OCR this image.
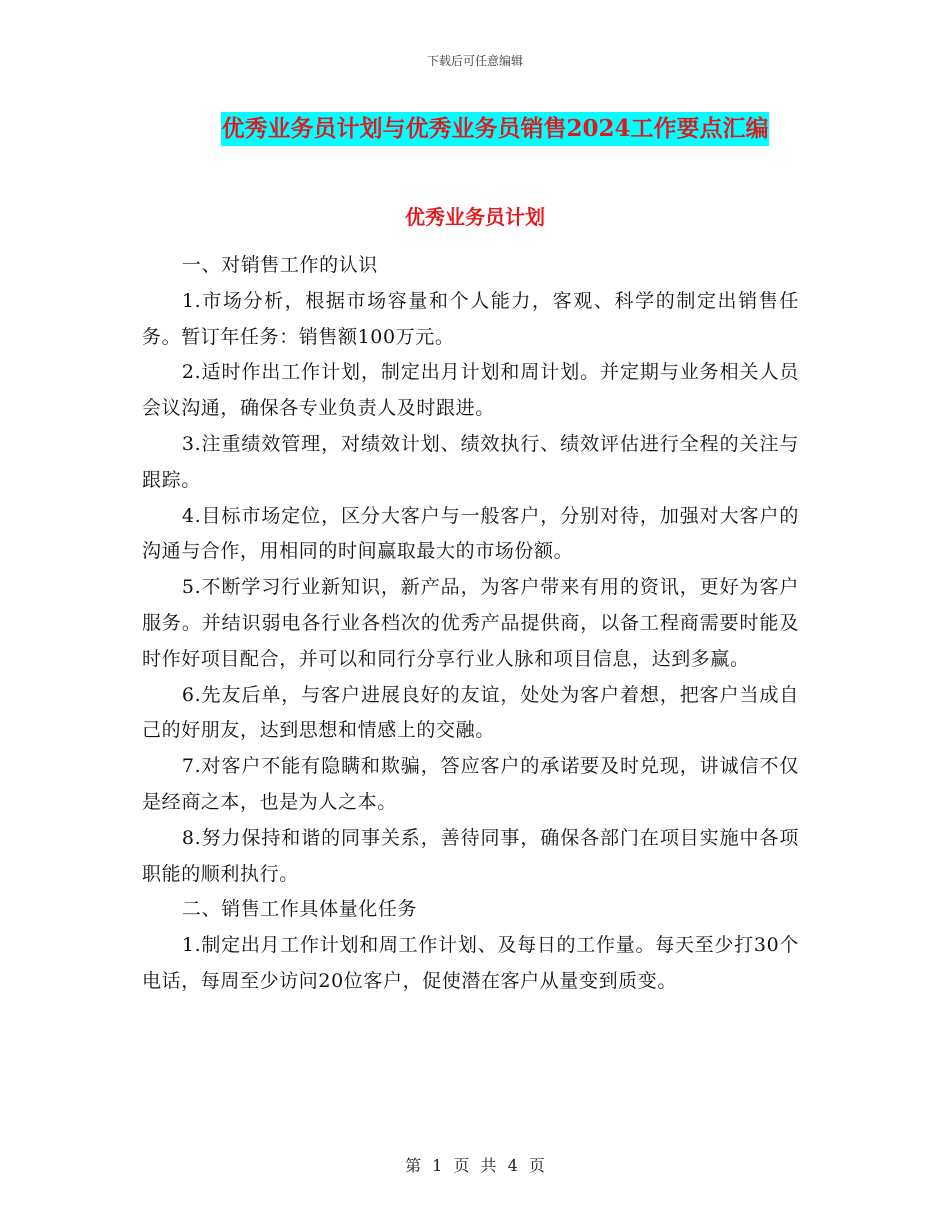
下载后可任意编辑
优秀业务员计划与优秀业务员销售2024工作要点汇编
优秀业务员计划

一、对销售工作的认识

1.市场分析，根据市场容量和个人能力，客观、科学的制定出销售任务。暂订年任务：销售额100万元。

2.适时作出工作计划，制定出月计划和周计划。并定期与业务相关人员会议沟通，确保各专业负责人及时跟进。

3.注重绩效管理，对绩效计划、绩效执行、绩效评估进行全程的关注与跟踪。

4.目标市场定位，区分大客户与一般客户，分别对待，加强对大客户的沟通与合作，用相同的时间赢取最大的市场份额。

5.不断学习行业新知识，新产品，为客户带来有用的资讯，更好为客户服务。并结识弱电各行业各档次的优秀产品提供商，以备工程商需要时能及时作好项目配合，并可以和同行分享行业人脉和项目信息，达到多赢。

6.先友后单，与客户进展良好的友谊，处处为客户着想，把客户当成自己的好朋友，达到思想和情感上的交融。

7.对客户不能有隐瞒和欺骗，答应客户的承诺要及时兑现，讲诚信不仅是经商之本，也是为人之本。

8.努力保持和谐的同事关系，善待同事，确保各部门在项目实施中各项职能的顺利执行。

二、销售工作具体量化任务

1.制定出月工作计划和周工作计划、及每日的工作量。每天至少打30个电话，每周至少访问20位客户，促使潜在客户从量变到质变。

第 1 页 共 4 页
